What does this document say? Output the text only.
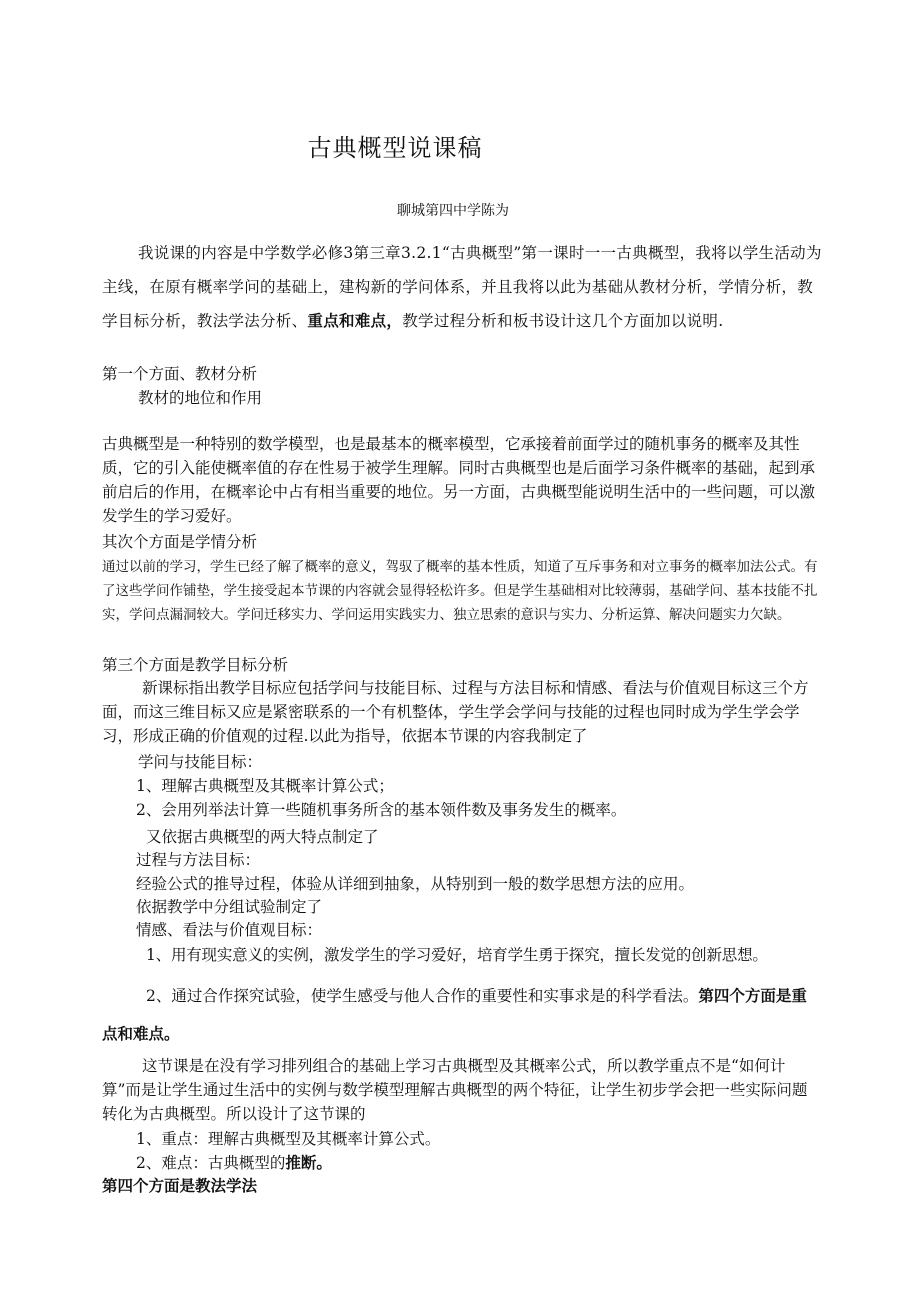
古典概型说课稿
聊城第四中学陈为

我说课的内容是中学数学必修3第三章3.2.1“古典概型”第一课时一一古典概型，我将以学生活动为主线，在原有概率学问的基础上，建构新的学问体系，并且我将以此为基础从教材分析，学情分析，教学目标分析，教法学法分析、重点和难点，教学过程分析和板书设计这几个方面加以说明.

第一个方面、教材分析
教材的地位和作用

古典概型是一种特别的数学模型，也是最基本的概率模型，它承接着前面学过的随机事务的概率及其性质，它的引入能使概率值的存在性易于被学生理解。同时古典概型也是后面学习条件概率的基础，起到承前启后的作用，在概率论中占有相当重要的地位。另一方面，古典概型能说明生活中的一些问题，可以激发学生的学习爱好。

其次个方面是学情分析

通过以前的学习，学生已经了解了概率的意义，驾驭了概率的基本性质，知道了互斥事务和对立事务的概率加法公式。有了这些学问作铺垫，学生接受起本节课的内容就会显得轻松许多。但是学生基础相对比较薄弱，基础学问、基本技能不扎实，学问点漏洞较大。学问迁移实力、学问运用实践实力、独立思索的意识与实力、分析运算、解决问题实力欠缺。

第三个方面是教学目标分析

新课标指出教学目标应包括学问与技能目标、过程与方法目标和情感、看法与价值观目标这三个方面，而这三维目标又应是紧密联系的一个有机整体，学生学会学问与技能的过程也同时成为学生学会学习，形成正确的价值观的过程.以此为指导，依据本节课的内容我制定了

学问与技能目标：
1、理解古典概型及其概率计算公式；
2、会用列举法计算一些随机事务所含的基本领件数及事务发生的概率。
又依据古典概型的两大特点制定了
过程与方法目标：
经验公式的推导过程，体验从详细到抽象，从特别到一般的数学思想方法的应用。
依据教学中分组试验制定了
情感、看法与价值观目标：
1、用有现实意义的实例，激发学生的学习爱好，培育学生勇于探究，擅长发觉的创新思想。

2、通过合作探究试验，使学生感受与他人合作的重要性和实事求是的科学看法。第四个方面是重点和难点。

这节课是在没有学习排列组合的基础上学习古典概型及其概率公式，所以教学重点不是“如何计算”而是让学生通过生活中的实例与数学模型理解古典概型的两个特征，让学生初步学会把一些实际问题转化为古典概型。所以设计了这节课的

1、重点：理解古典概型及其概率计算公式。
2、难点：古典概型的推断。
第四个方面是教法学法
